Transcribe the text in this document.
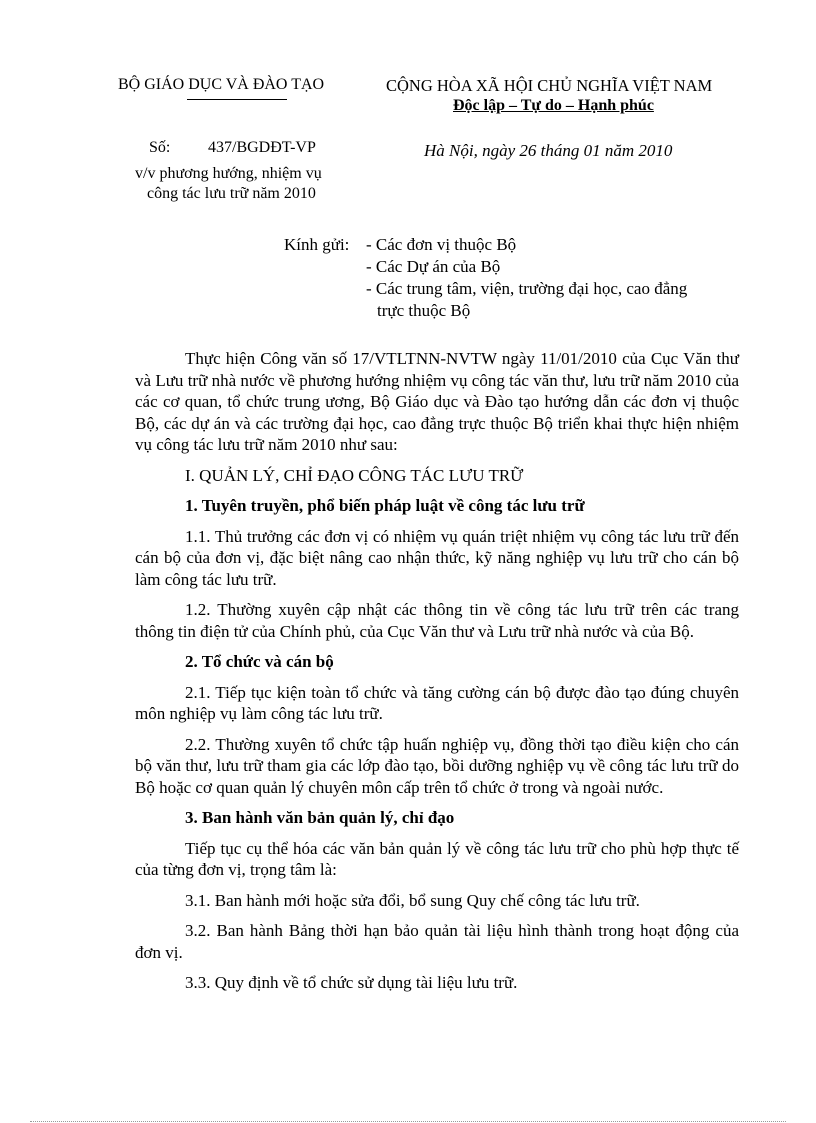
BỘ GIÁO DỤC VÀ ĐÀO TẠO	CỘNG HÒA XÃ HỘI CHỦ NGHĨA VIỆT NAM
Độc lập – Tự do – Hạnh phúc
Số: 437/BGDĐT-VP	Hà Nội, ngày 26 tháng 01 năm 2010
v/v phương hướng, nhiệm vụ
công tác lưu trữ năm 2010
Kính gửi: - Các đơn vị thuộc Bộ
- Các Dự án của Bộ
- Các trung tâm, viện, trường đại học, cao đẳng
trực thuộc Bộ

Thực hiện Công văn số 17/VTLTNN-NVTW ngày 11/01/2010 của Cục Văn thư và Lưu trữ nhà nước về phương hướng nhiệm vụ công tác văn thư, lưu trữ năm 2010 của các cơ quan, tổ chức trung ương, Bộ Giáo dục và Đào tạo hướng dẫn các đơn vị thuộc Bộ, các dự án và các trường đại học, cao đẳng trực thuộc Bộ triển khai thực hiện nhiệm vụ công tác lưu trữ năm 2010 như sau:

I. QUẢN LÝ, CHỈ ĐẠO CÔNG TÁC LƯU TRỮ

1. Tuyên truyền, phổ biến pháp luật về công tác lưu trữ

1.1. Thủ trưởng các đơn vị có nhiệm vụ quán triệt nhiệm vụ công tác lưu trữ đến cán bộ của đơn vị, đặc biệt nâng cao nhận thức, kỹ năng nghiệp vụ lưu trữ cho cán bộ làm công tác lưu trữ.

1.2. Thường xuyên cập nhật các thông tin về công tác lưu trữ trên các trang thông tin điện tử của Chính phủ, của Cục Văn thư và Lưu trữ nhà nước và của Bộ.

2. Tổ chức và cán bộ

2.1. Tiếp tục kiện toàn tổ chức và tăng cường cán bộ được đào tạo đúng chuyên môn nghiệp vụ làm công tác lưu trữ.

2.2. Thường xuyên tổ chức tập huấn nghiệp vụ, đồng thời tạo điều kiện cho cán bộ văn thư, lưu trữ tham gia các lớp đào tạo, bồi dưỡng nghiệp vụ về công tác lưu trữ do Bộ hoặc cơ quan quản lý chuyên môn cấp trên tổ chức ở trong và ngoài nước.

3. Ban hành văn bản quản lý, chỉ đạo

Tiếp tục cụ thể hóa các văn bản quản lý về công tác lưu trữ cho phù hợp thực tế của từng đơn vị, trọng tâm là:

3.1. Ban hành mới hoặc sửa đổi, bổ sung Quy chế công tác lưu trữ.

3.2. Ban hành Bảng thời hạn bảo quản tài liệu hình thành trong hoạt động của đơn vị.

3.3. Quy định về tổ chức sử dụng tài liệu lưu trữ.
